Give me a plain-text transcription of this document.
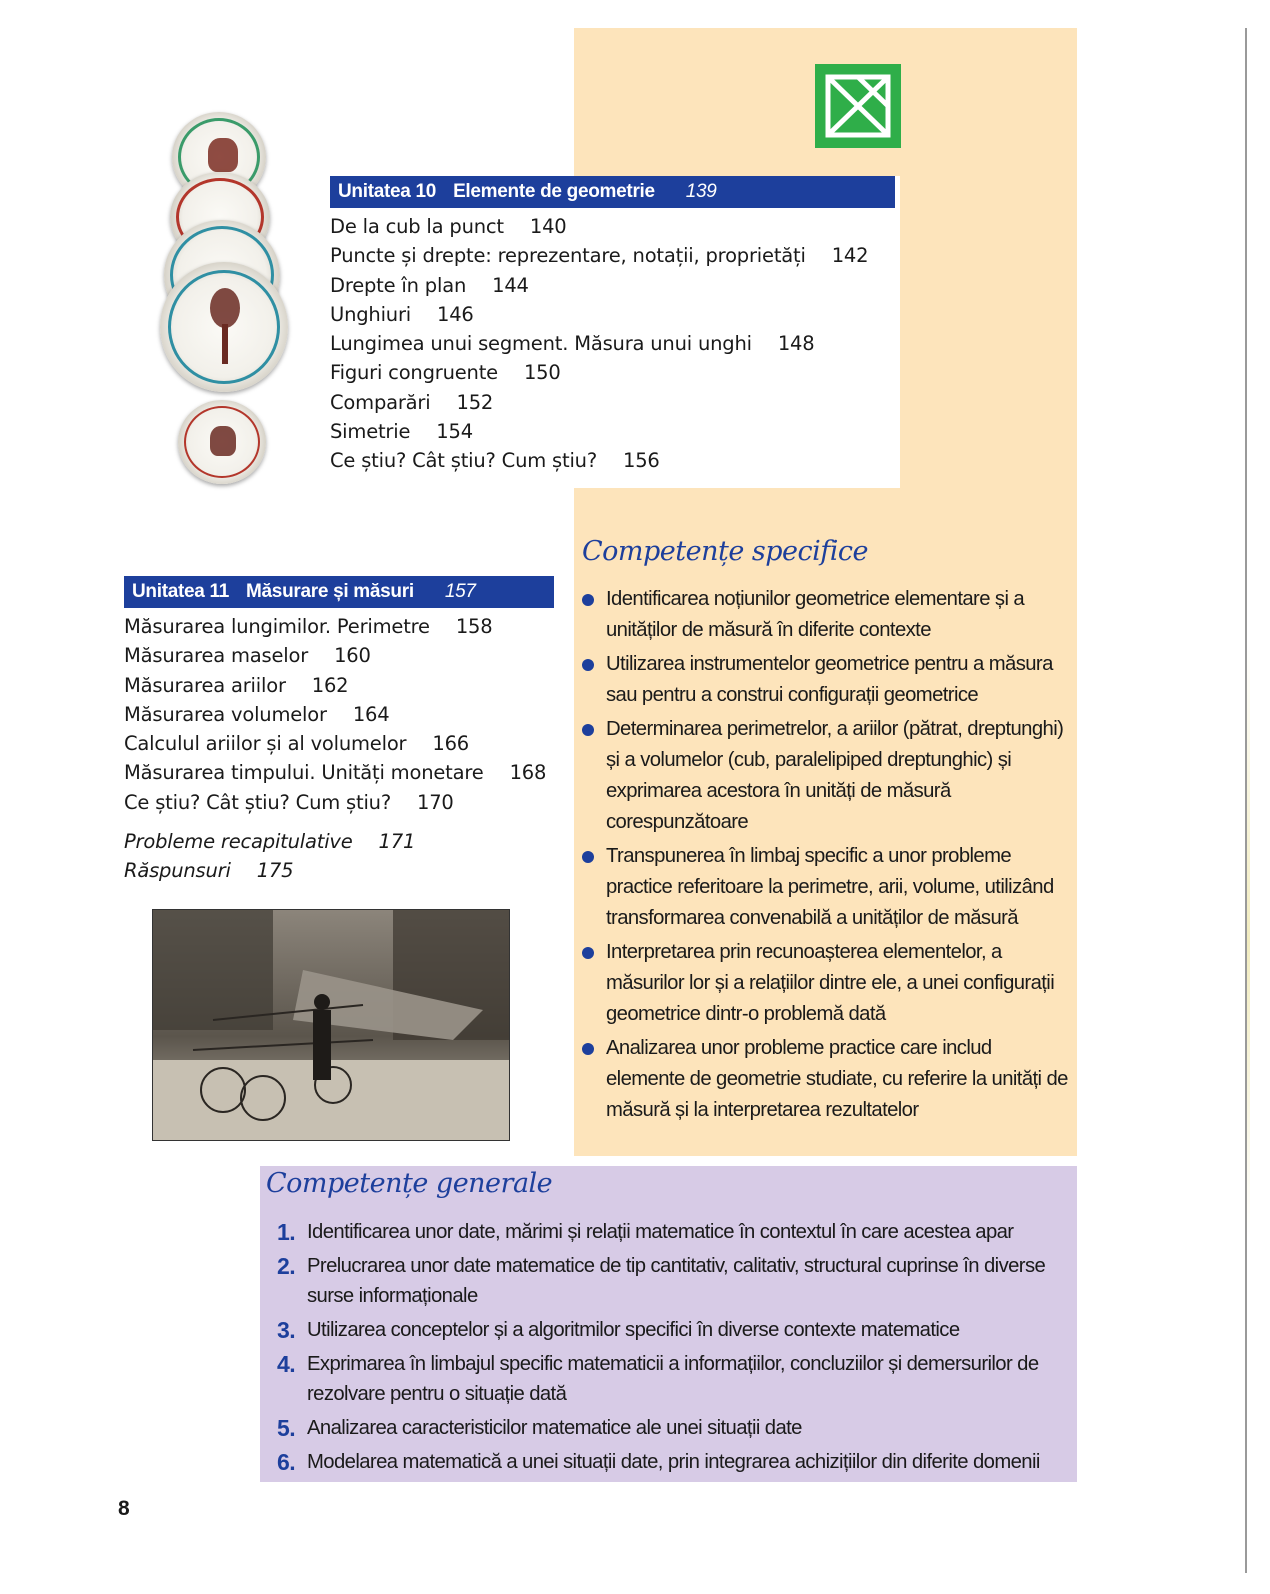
Unitatea 10 Elemente de geometrie 139
De la cub la punct 140
Puncte și drepte: reprezentare, notații, proprietăți 142
Drepte în plan 144
Unghiuri 146
Lungimea unui segment. Măsura unui unghi 148
Figuri congruente 150
Comparări 152
Simetrie 154
Ce știu? Cât știu? Cum știu? 156
Unitatea 11 Măsurare și măsuri 157
Măsurarea lungimilor. Perimetre 158
Măsurarea maselor 160
Măsurarea ariilor 162
Măsurarea volumelor 164
Calculul ariilor și al volumelor 166
Măsurarea timpului. Unități monetare 168
Ce știu? Cât știu? Cum știu? 170
Probleme recapitulative 171
Răspunsuri 175
Competențe specifice
Identificarea noțiunilor geometrice elementare și a unităților de măsură în diferite contexte
Utilizarea instrumentelor geometrice pentru a măsura sau pentru a construi configurații geometrice
Determinarea perimetrelor, a ariilor (pătrat, dreptunghi) și a volumelor (cub, paralelipiped dreptunghic) și exprimarea acestora în unități de măsură corespunzătoare
Transpunerea în limbaj specific a unor probleme practice referitoare la perimetre, arii, volume, utilizând transformarea convenabilă a unităților de măsură
Interpretarea prin recunoașterea elementelor, a măsurilor lor și a relațiilor dintre ele, a unei configurații geometrice dintr-o problemă dată
Analizarea unor probleme practice care includ elemente de geometrie studiate, cu referire la unități de măsură și la interpretarea rezultatelor
Competențe generale
1. Identificarea unor date, mărimi și relații matematice în contextul în care acestea apar
2. Prelucrarea unor date matematice de tip cantitativ, calitativ, structural cuprinse în diverse surse informaționale
3. Utilizarea conceptelor și a algoritmilor specifici în diverse contexte matematice
4. Exprimarea în limbajul specific matematicii a informațiilor, concluziilor și demersurilor de rezolvare pentru o situație dată
5. Analizarea caracteristicilor matematice ale unei situații date
6. Modelarea matematică a unei situații date, prin integrarea achizițiilor din diferite domenii
8
